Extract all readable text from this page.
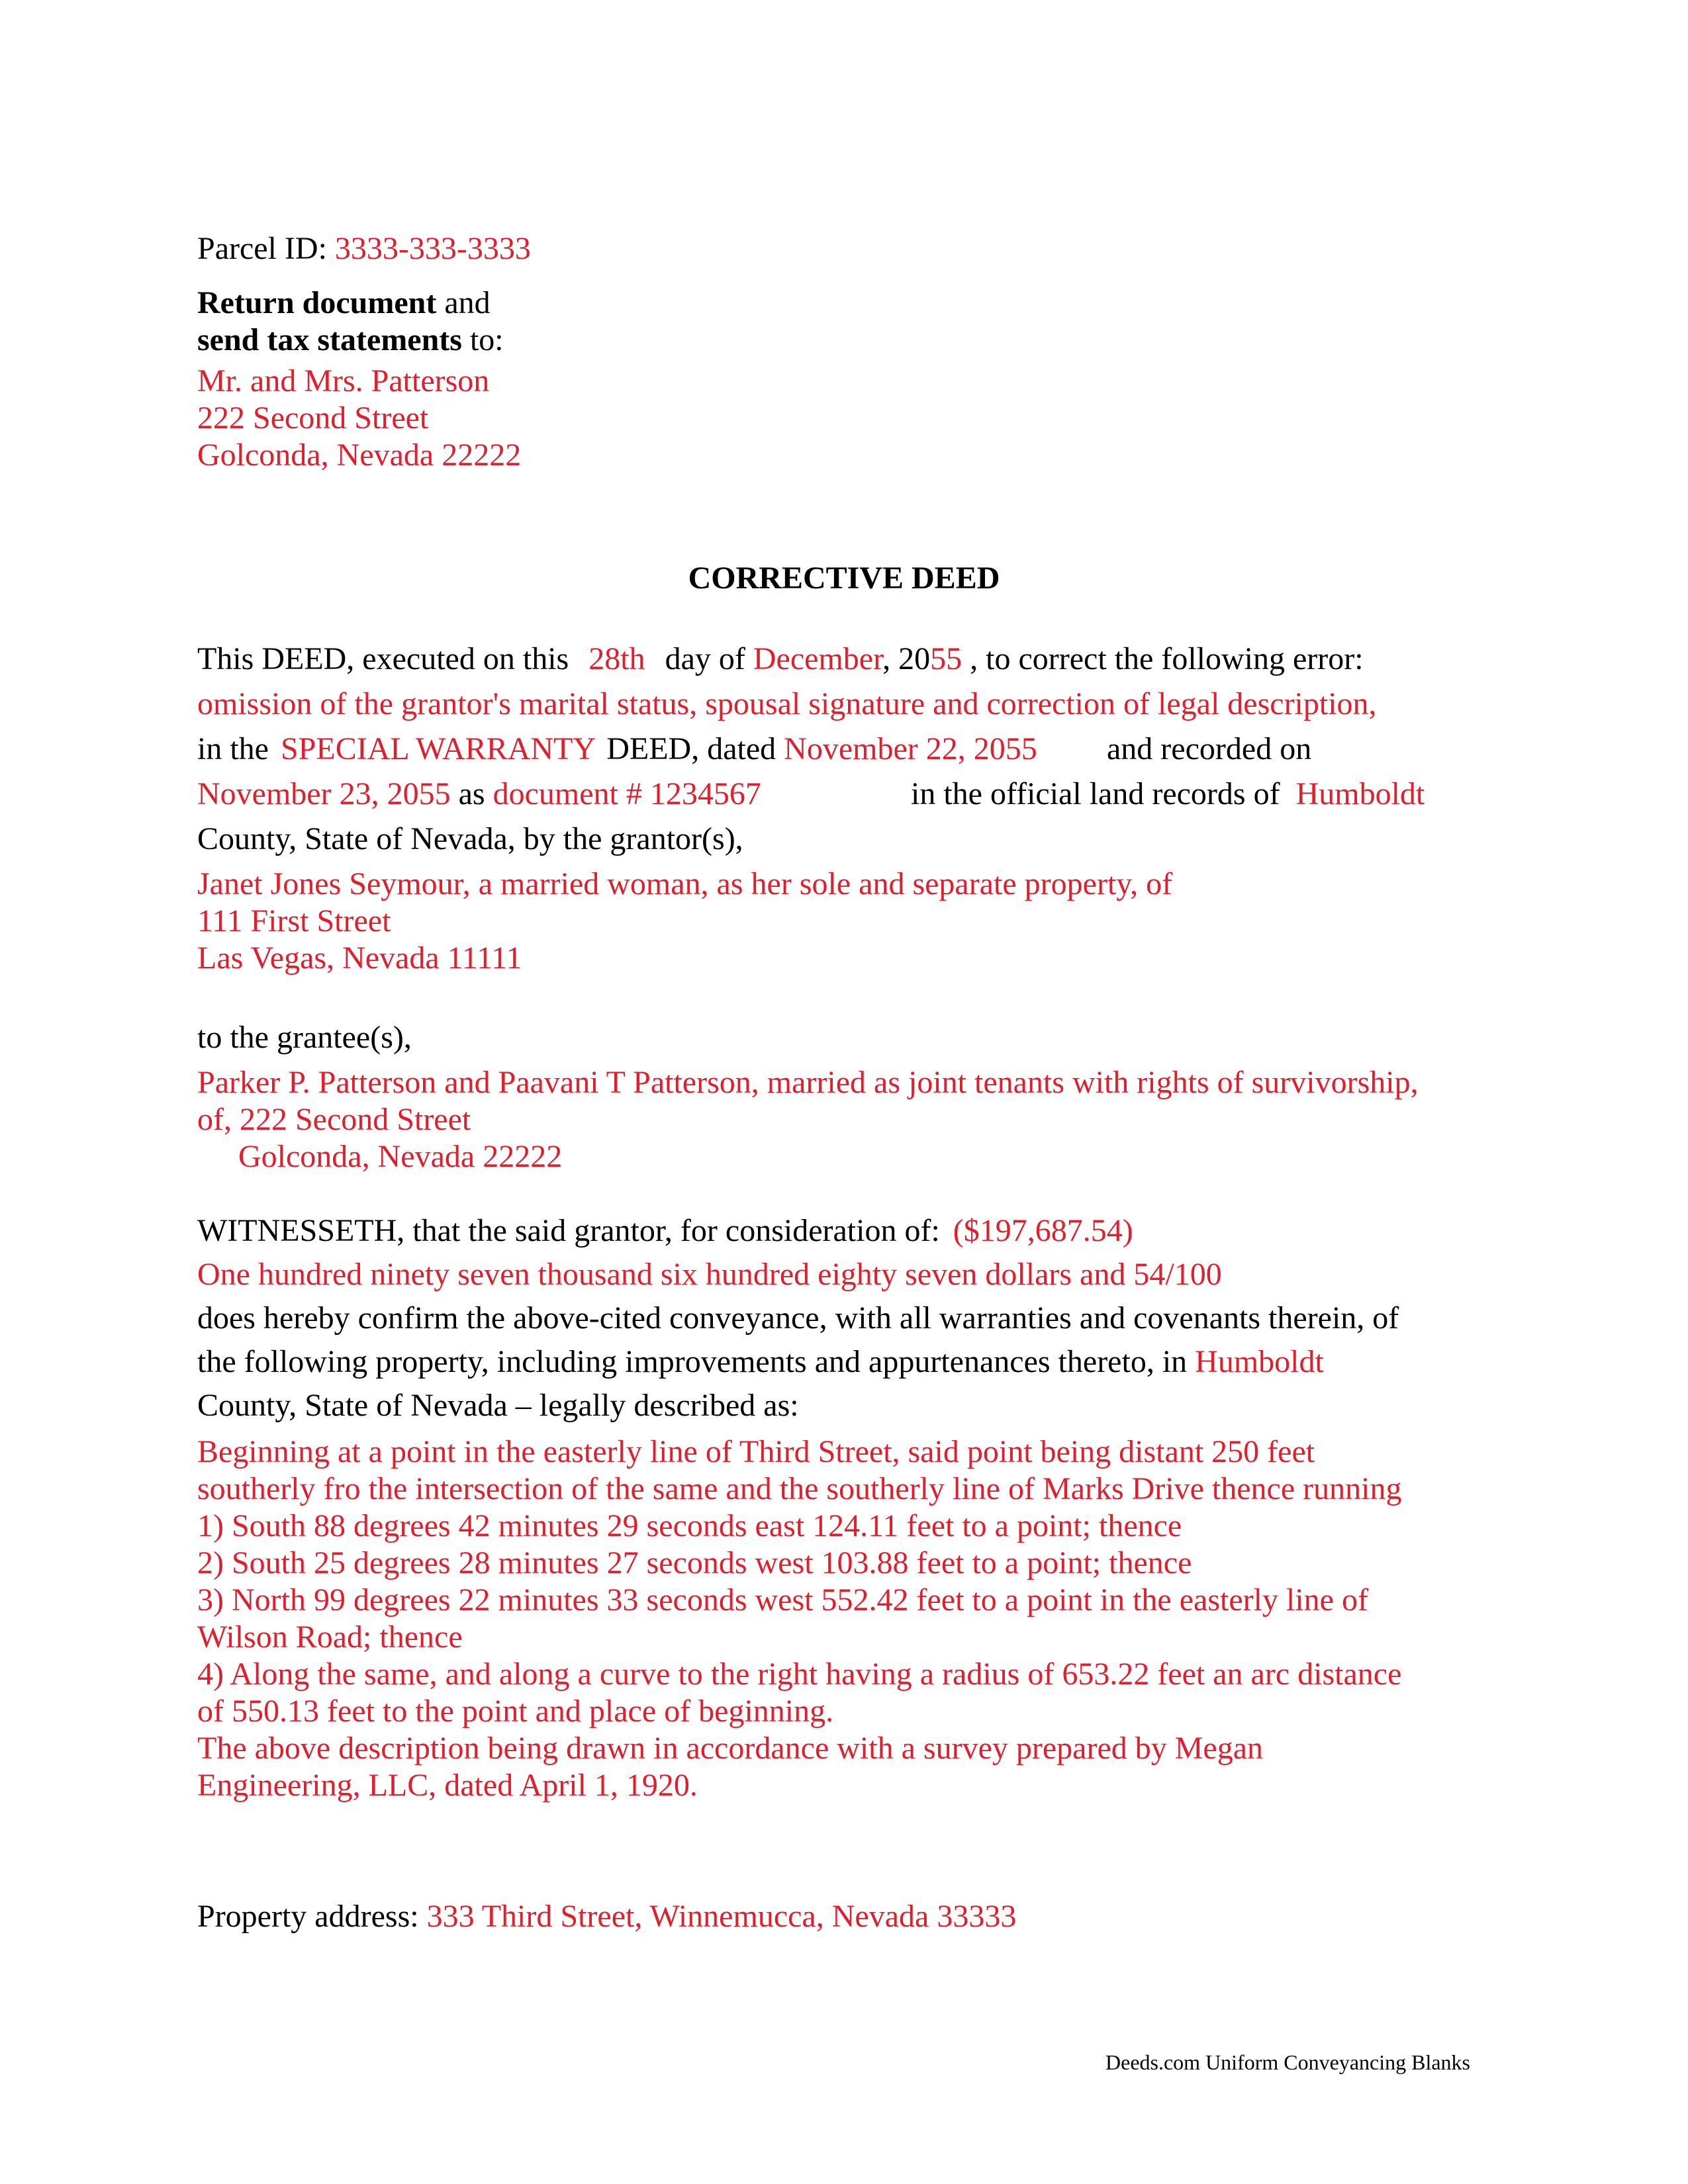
Parcel ID: 3333-333-3333
Return document and
send tax statements to:
Mr. and Mrs. Patterson
222 Second Street
Golconda, Nevada 22222
CORRECTIVE DEED
This DEED, executed on this 28th day of December, 2055 , to correct the following error:
omission of the grantor's marital status, spousal signature and correction of legal description,
in the SPECIAL WARRANTY DEED, dated November 22, 2055 and recorded on
November 23, 2055 as document # 1234567	in the official land records of Humboldt
County, State of Nevada, by the grantor(s),
Janet Jones Seymour, a married woman, as her sole and separate property, of
111 First Street
Las Vegas, Nevada 11111
to the grantee(s),
Parker P. Patterson and Paavani T Patterson, married as joint tenants with rights of survivorship,
of, 222 Second Street
Golconda, Nevada 22222
WITNESSETH, that the said grantor, for consideration of: ($197,687.54)
One hundred ninety seven thousand six hundred eighty seven dollars and 54/100
does hereby confirm the above-cited conveyance, with all warranties and covenants therein, of
the following property, including improvements and appurtenances thereto, in Humboldt
County, State of Nevada – legally described as:
Beginning at a point in the easterly line of Third Street, said point being distant 250 feet
southerly fro the intersection of the same and the southerly line of Marks Drive thence running
1) South 88 degrees 42 minutes 29 seconds east 124.11 feet to a point; thence
2) South 25 degrees 28 minutes 27 seconds west 103.88 feet to a point; thence
3) North 99 degrees 22 minutes 33 seconds west 552.42 feet to a point in the easterly line of
Wilson Road; thence
4) Along the same, and along a curve to the right having a radius of 653.22 feet an arc distance
of 550.13 feet to the point and place of beginning.
The above description being drawn in accordance with a survey prepared by Megan
Engineering, LLC, dated April 1, 1920.
Property address: 333 Third Street, Winnemucca, Nevada 33333
Deeds.com Uniform Conveyancing Blanks
